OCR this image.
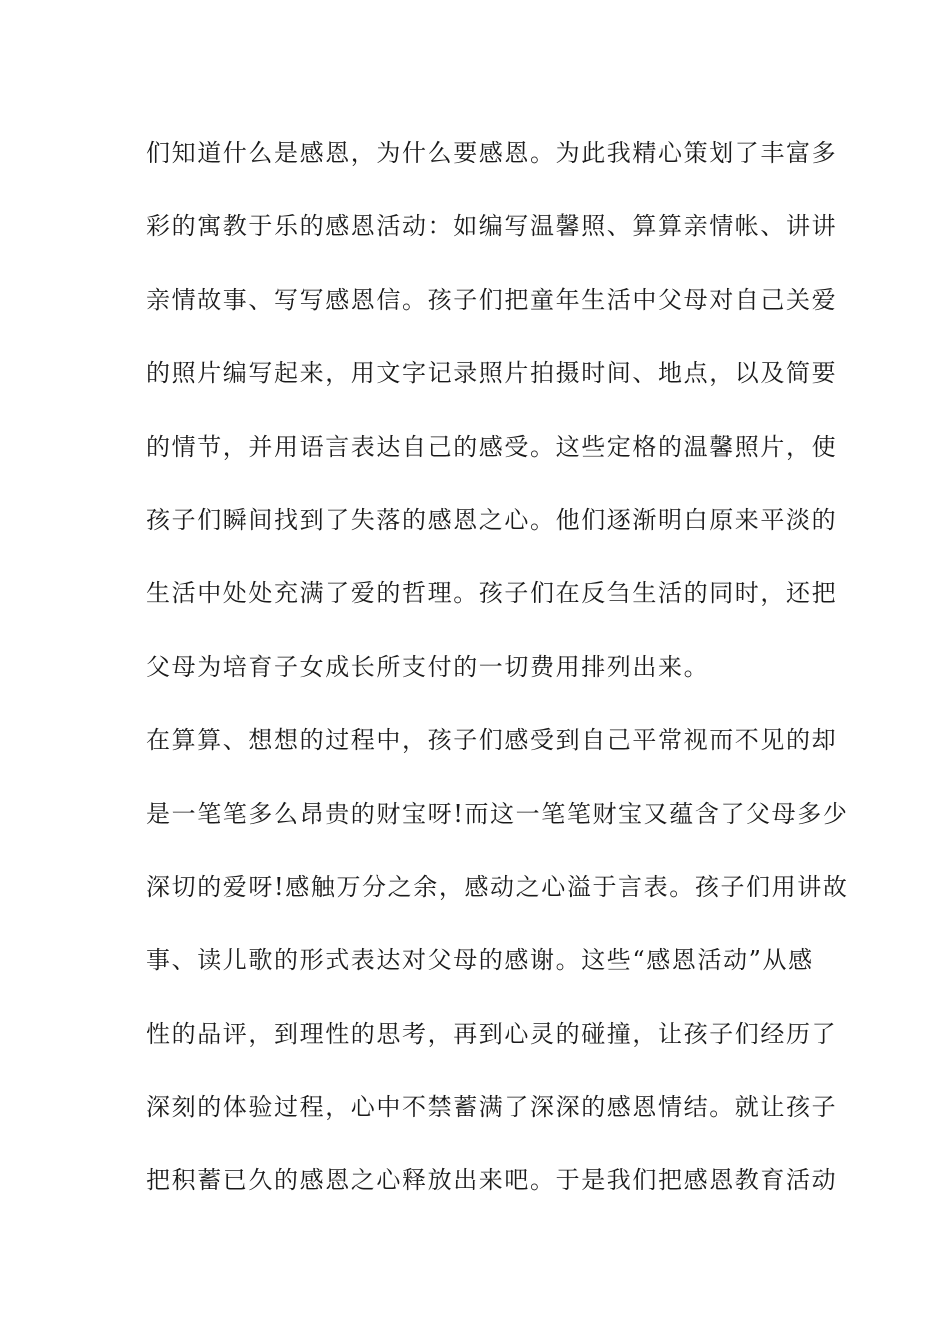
们知道什么是感恩，为什么要感恩。为此我精心策划了丰富多
彩的寓教于乐的感恩活动：如编写温馨照、算算亲情帐、讲讲
亲情故事、写写感恩信。孩子们把童年生活中父母对自己关爱
的照片编写起来，用文字记录照片拍摄时间、地点，以及简要
的情节，并用语言表达自己的感受。这些定格的温馨照片，使
孩子们瞬间找到了失落的感恩之心。他们逐渐明白原来平淡的
生活中处处充满了爱的哲理。孩子们在反刍生活的同时，还把
父母为培育子女成长所支付的一切费用排列出来。
在算算、想想的过程中，孩子们感受到自己平常视而不见的却
是一笔笔多么昂贵的财宝呀!而这一笔笔财宝又蕴含了父母多少
深切的爱呀!感触万分之余，感动之心溢于言表。孩子们用讲故
事、读儿歌的形式表达对父母的感谢。这些“感恩活动”从感
性的品评，到理性的思考，再到心灵的碰撞，让孩子们经历了
深刻的体验过程，心中不禁蓄满了深深的感恩情结。就让孩子
把积蓄已久的感恩之心释放出来吧。于是我们把感恩教育活动
